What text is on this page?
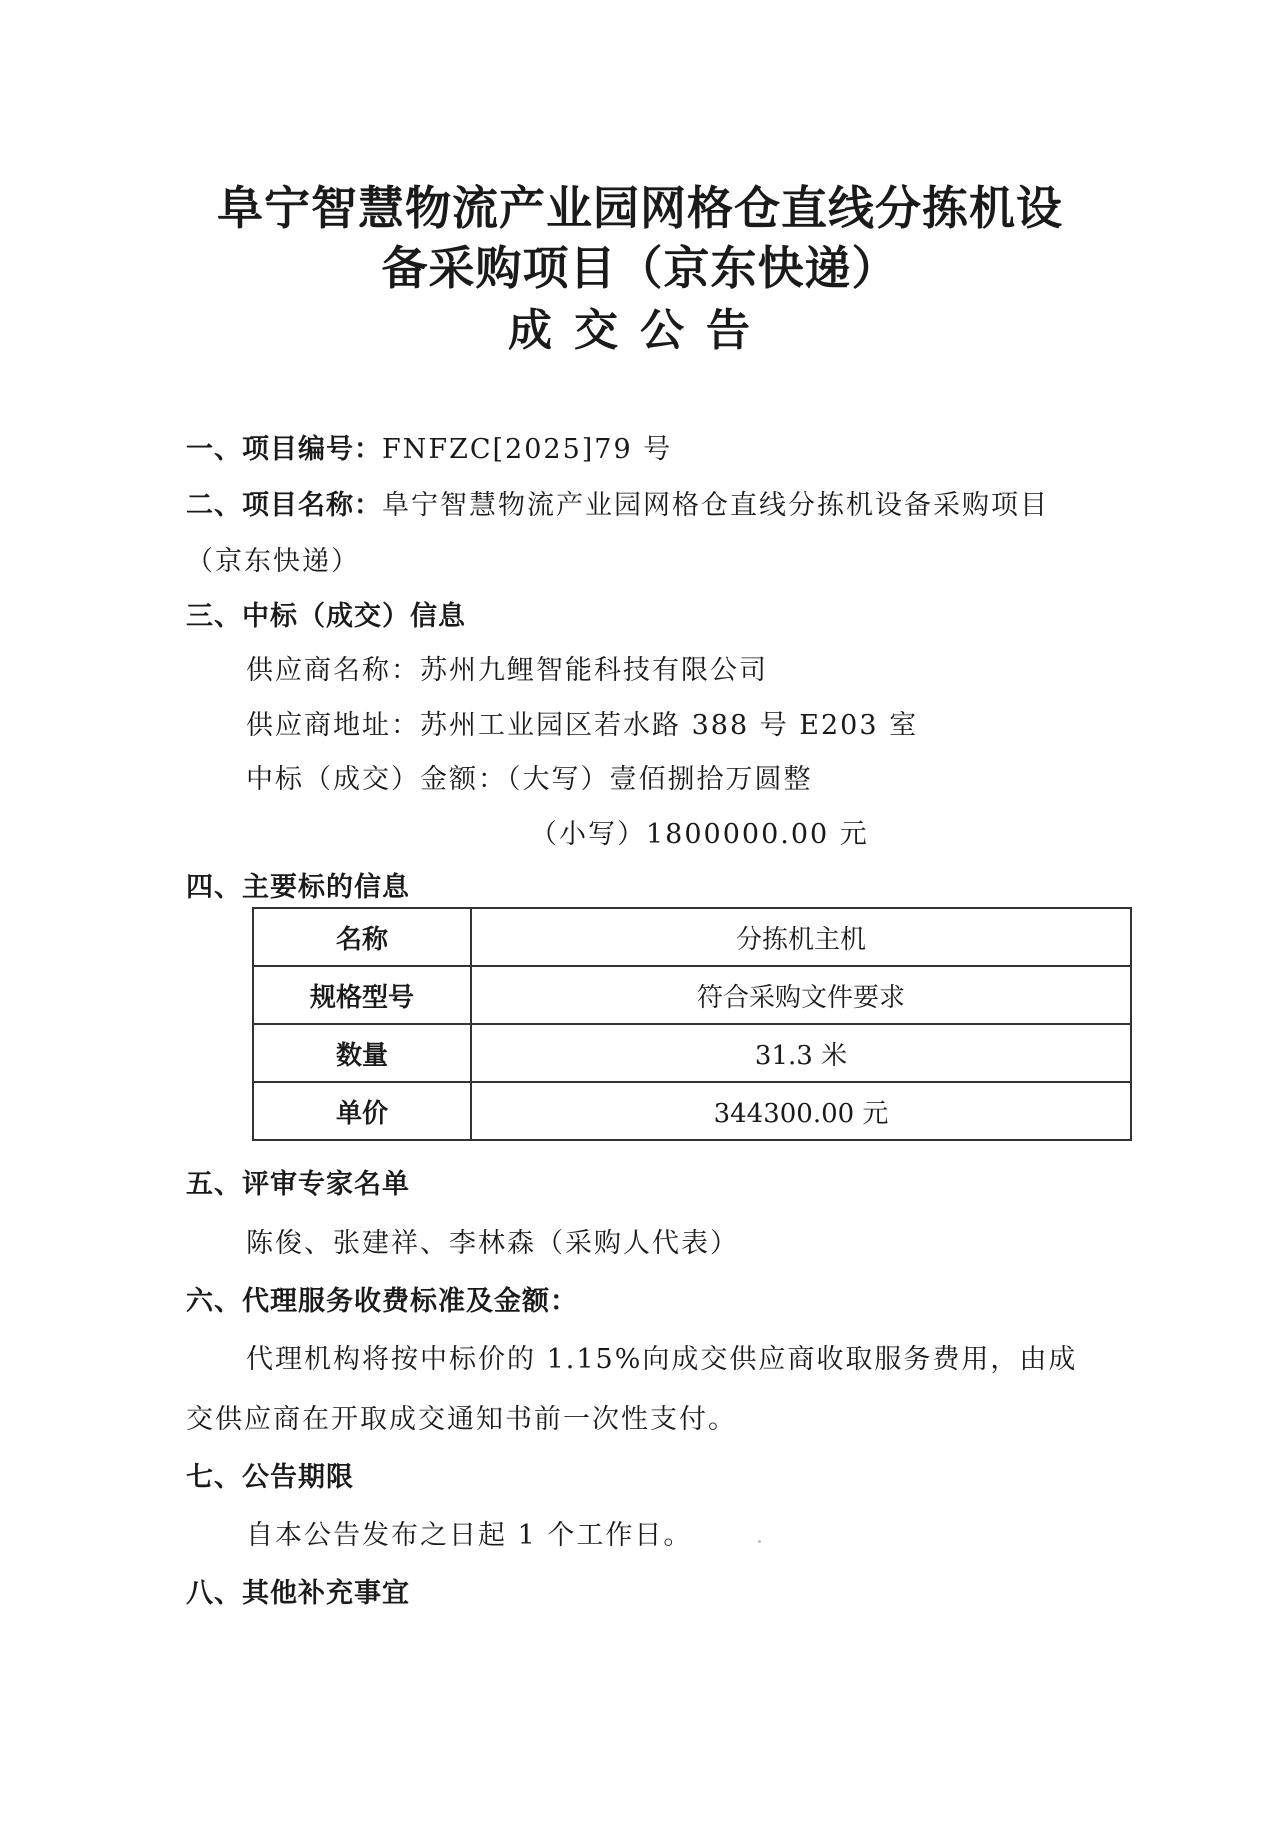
阜宁智慧物流产业园网格仓直线分拣机设
备采购项目（京东快递）
成交公告
一、项目编号：FNFZC[2025]79 号
二、项目名称：阜宁智慧物流产业园网格仓直线分拣机设备采购项目
（京东快递）
三、中标（成交）信息
供应商名称：苏州九鲤智能科技有限公司
供应商地址：苏州工业园区若水路 388 号 E203 室
中标（成交）金额：（大写）壹佰捌拾万圆整
（小写）1800000.00 元
四、主要标的信息
名称	分拣机主机
规格型号	符合采购文件要求
数量	31.3 米
单价	344300.00 元
五、评审专家名单
陈俊、张建祥、李林森（采购人代表）
六、代理服务收费标准及金额：
代理机构将按中标价的 1.15%向成交供应商收取服务费用，由成
交供应商在开取成交通知书前一次性支付。
七、公告期限
自本公告发布之日起 1 个工作日。
八、其他补充事宜
